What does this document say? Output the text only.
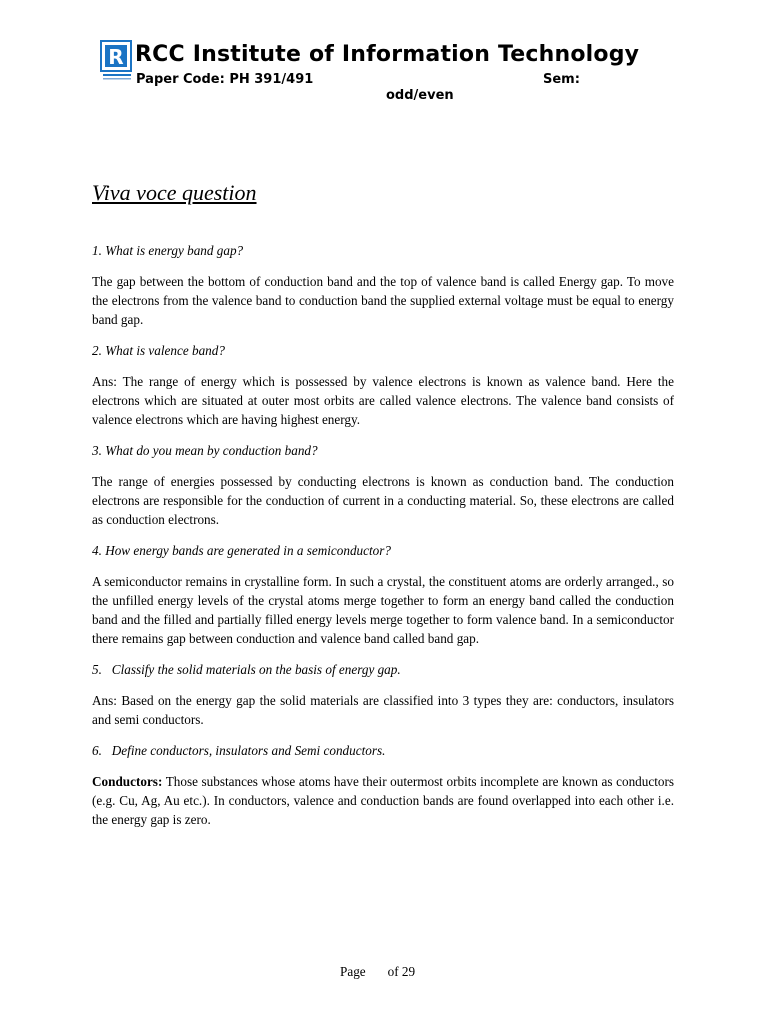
R RCC Institute of Information Technology
Paper Code: PH 391/491	Sem:
odd/even
Viva voce question
1. What is energy band gap?
The gap between the bottom of conduction band and the top of valence band is called Energy gap. To move the electrons from the valence band to conduction band the supplied external voltage must be equal to energy band gap.
2. What is valence band?
Ans: The range of energy which is possessed by valence electrons is known as valence band. Here the electrons which are situated at outer most orbits are called valence electrons. The valence band consists of valence electrons which are having highest energy.
3. What do you mean by conduction band?
The range of energies possessed by conducting electrons is known as conduction band. The conduction electrons are responsible for the conduction of current in a conducting material. So, these electrons are called as conduction electrons.
4. How energy bands are generated in a semiconductor?
A semiconductor remains in crystalline form. In such a crystal, the constituent atoms are orderly arranged., so the unfilled energy levels of the crystal atoms merge together to form an energy band called the conduction band and the filled and partially filled energy levels merge together to form valence band. In a semiconductor there remains gap between conduction and valence band called band gap.
5.   Classify the solid materials on the basis of energy gap.
Ans: Based on the energy gap the solid materials are classified into 3 types they are: conductors, insulators and semi conductors.
6.   Define conductors, insulators and Semi conductors.
Conductors: Those substances whose atoms have their outermost orbits incomplete are known as conductors (e.g. Cu, Ag, Au etc.). In conductors, valence and conduction bands are found overlapped into each other i.e. the energy gap is zero.
Page of 29
